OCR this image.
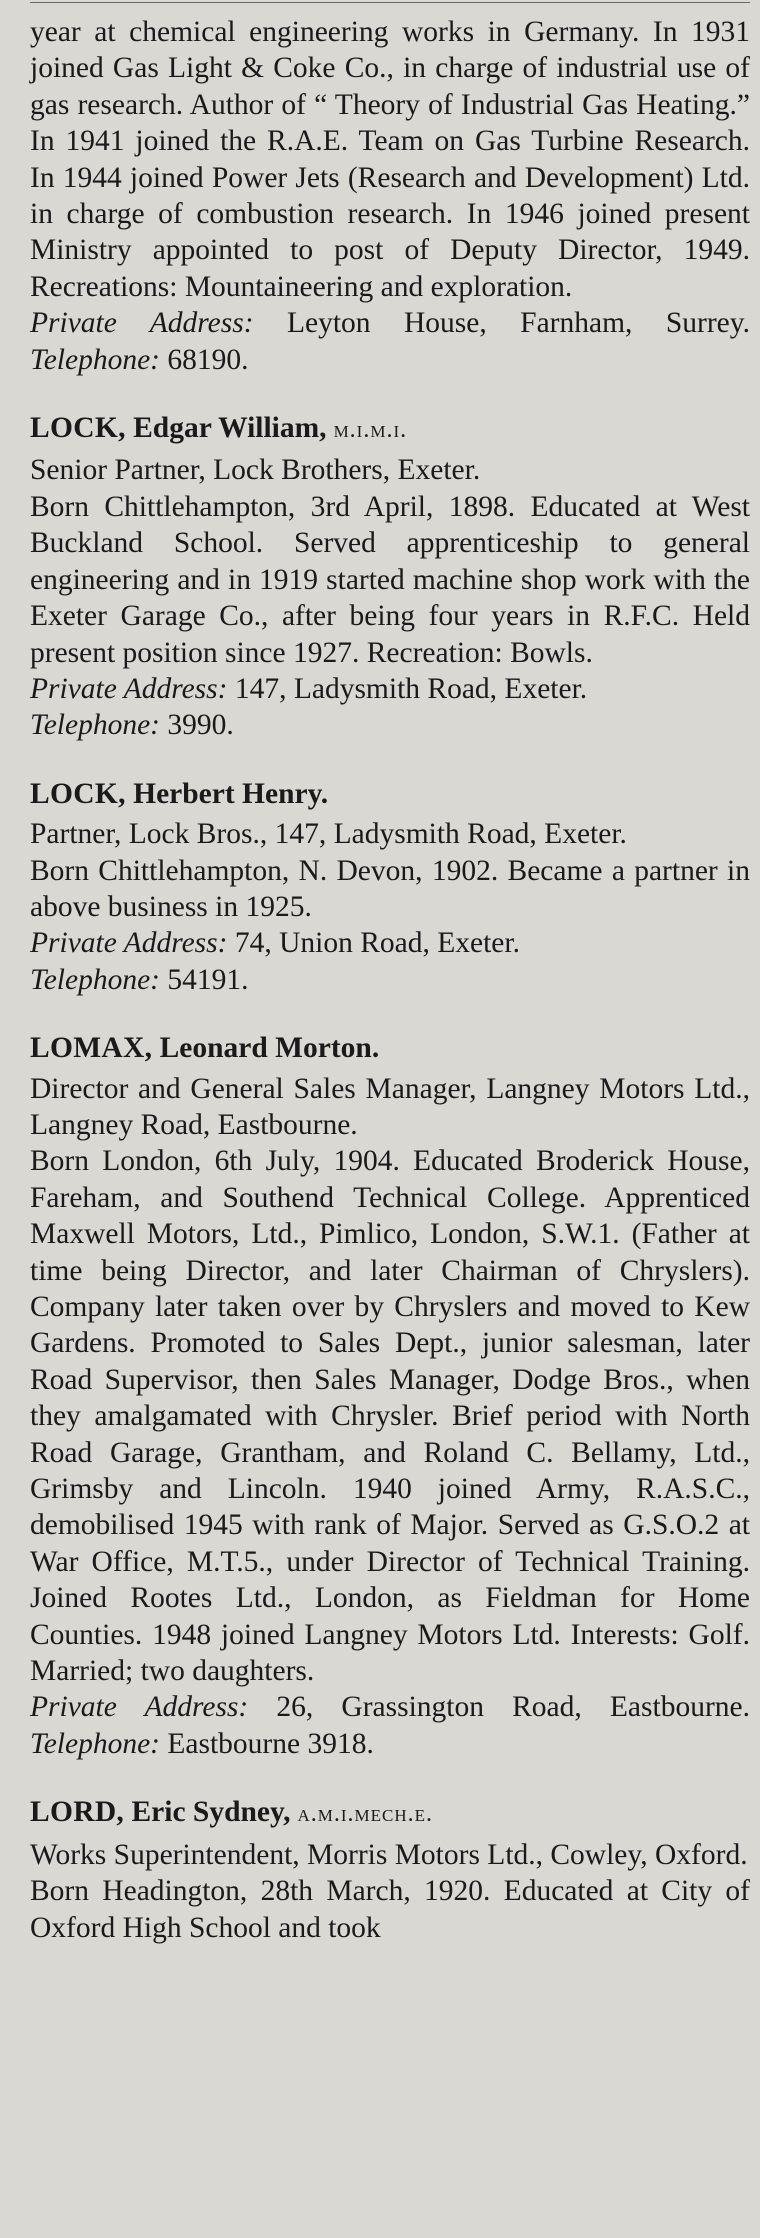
year at chemical engineering works in Germany. In 1931 joined Gas Light & Coke Co., in charge of industrial use of gas research. Author of “ Theory of Industrial Gas Heating.” In 1941 joined the R.A.E. Team on Gas Turbine Research. In 1944 joined Power Jets (Research and Development) Ltd. in charge of combustion research. In 1946 joined present Ministry appointed to post of Deputy Director, 1949. Recreations: Mountaineering and exploration.

Private Address: Leyton House, Farnham, Surrey. Telephone: 68190.

LOCK, Edgar William, m.i.m.i.

Senior Partner, Lock Brothers, Exeter.

Born Chittlehampton, 3rd April, 1898. Educated at West Buckland School. Served apprenticeship to general engineering and in 1919 started machine shop work with the Exeter Garage Co., after being four years in R.F.C. Held present position since 1927. Recreation: Bowls.

Private Address: 147, Ladysmith Road, Exeter.

Telephone: 3990.

LOCK, Herbert Henry.

Partner, Lock Bros., 147, Ladysmith Road, Exeter.

Born Chittlehampton, N. Devon, 1902. Became a partner in above business in 1925.

Private Address: 74, Union Road, Exeter.

Telephone: 54191.

LOMAX, Leonard Morton.

Director and General Sales Manager, Langney Motors Ltd., Langney Road, Eastbourne.

Born London, 6th July, 1904. Educated Broderick House, Fareham, and Southend Technical College. Apprenticed Maxwell Motors, Ltd., Pimlico, London, S.W.1. (Father at time being Director, and later Chairman of Chryslers). Company later taken over by Chryslers and moved to Kew Gardens. Promoted to Sales Dept., junior salesman, later Road Supervisor, then Sales Manager, Dodge Bros., when they amalgamated with Chrysler. Brief period with North Road Garage, Grantham, and Roland C. Bellamy, Ltd., Grimsby and Lincoln. 1940 joined Army, R.A.S.C., demobilised 1945 with rank of Major. Served as G.S.O.2 at War Office, M.T.5., under Director of Technical Training. Joined Rootes Ltd., London, as Fieldman for Home Counties. 1948 joined Langney Motors Ltd. Interests: Golf. Married; two daughters.

Private Address: 26, Grassington Road, Eastbourne. Telephone: Eastbourne 3918.

LORD, Eric Sydney, a.m.i.mech.e.

Works Superintendent, Morris Motors Ltd., Cowley, Oxford.

Born Headington, 28th March, 1920. Educated at City of Oxford High School and took
